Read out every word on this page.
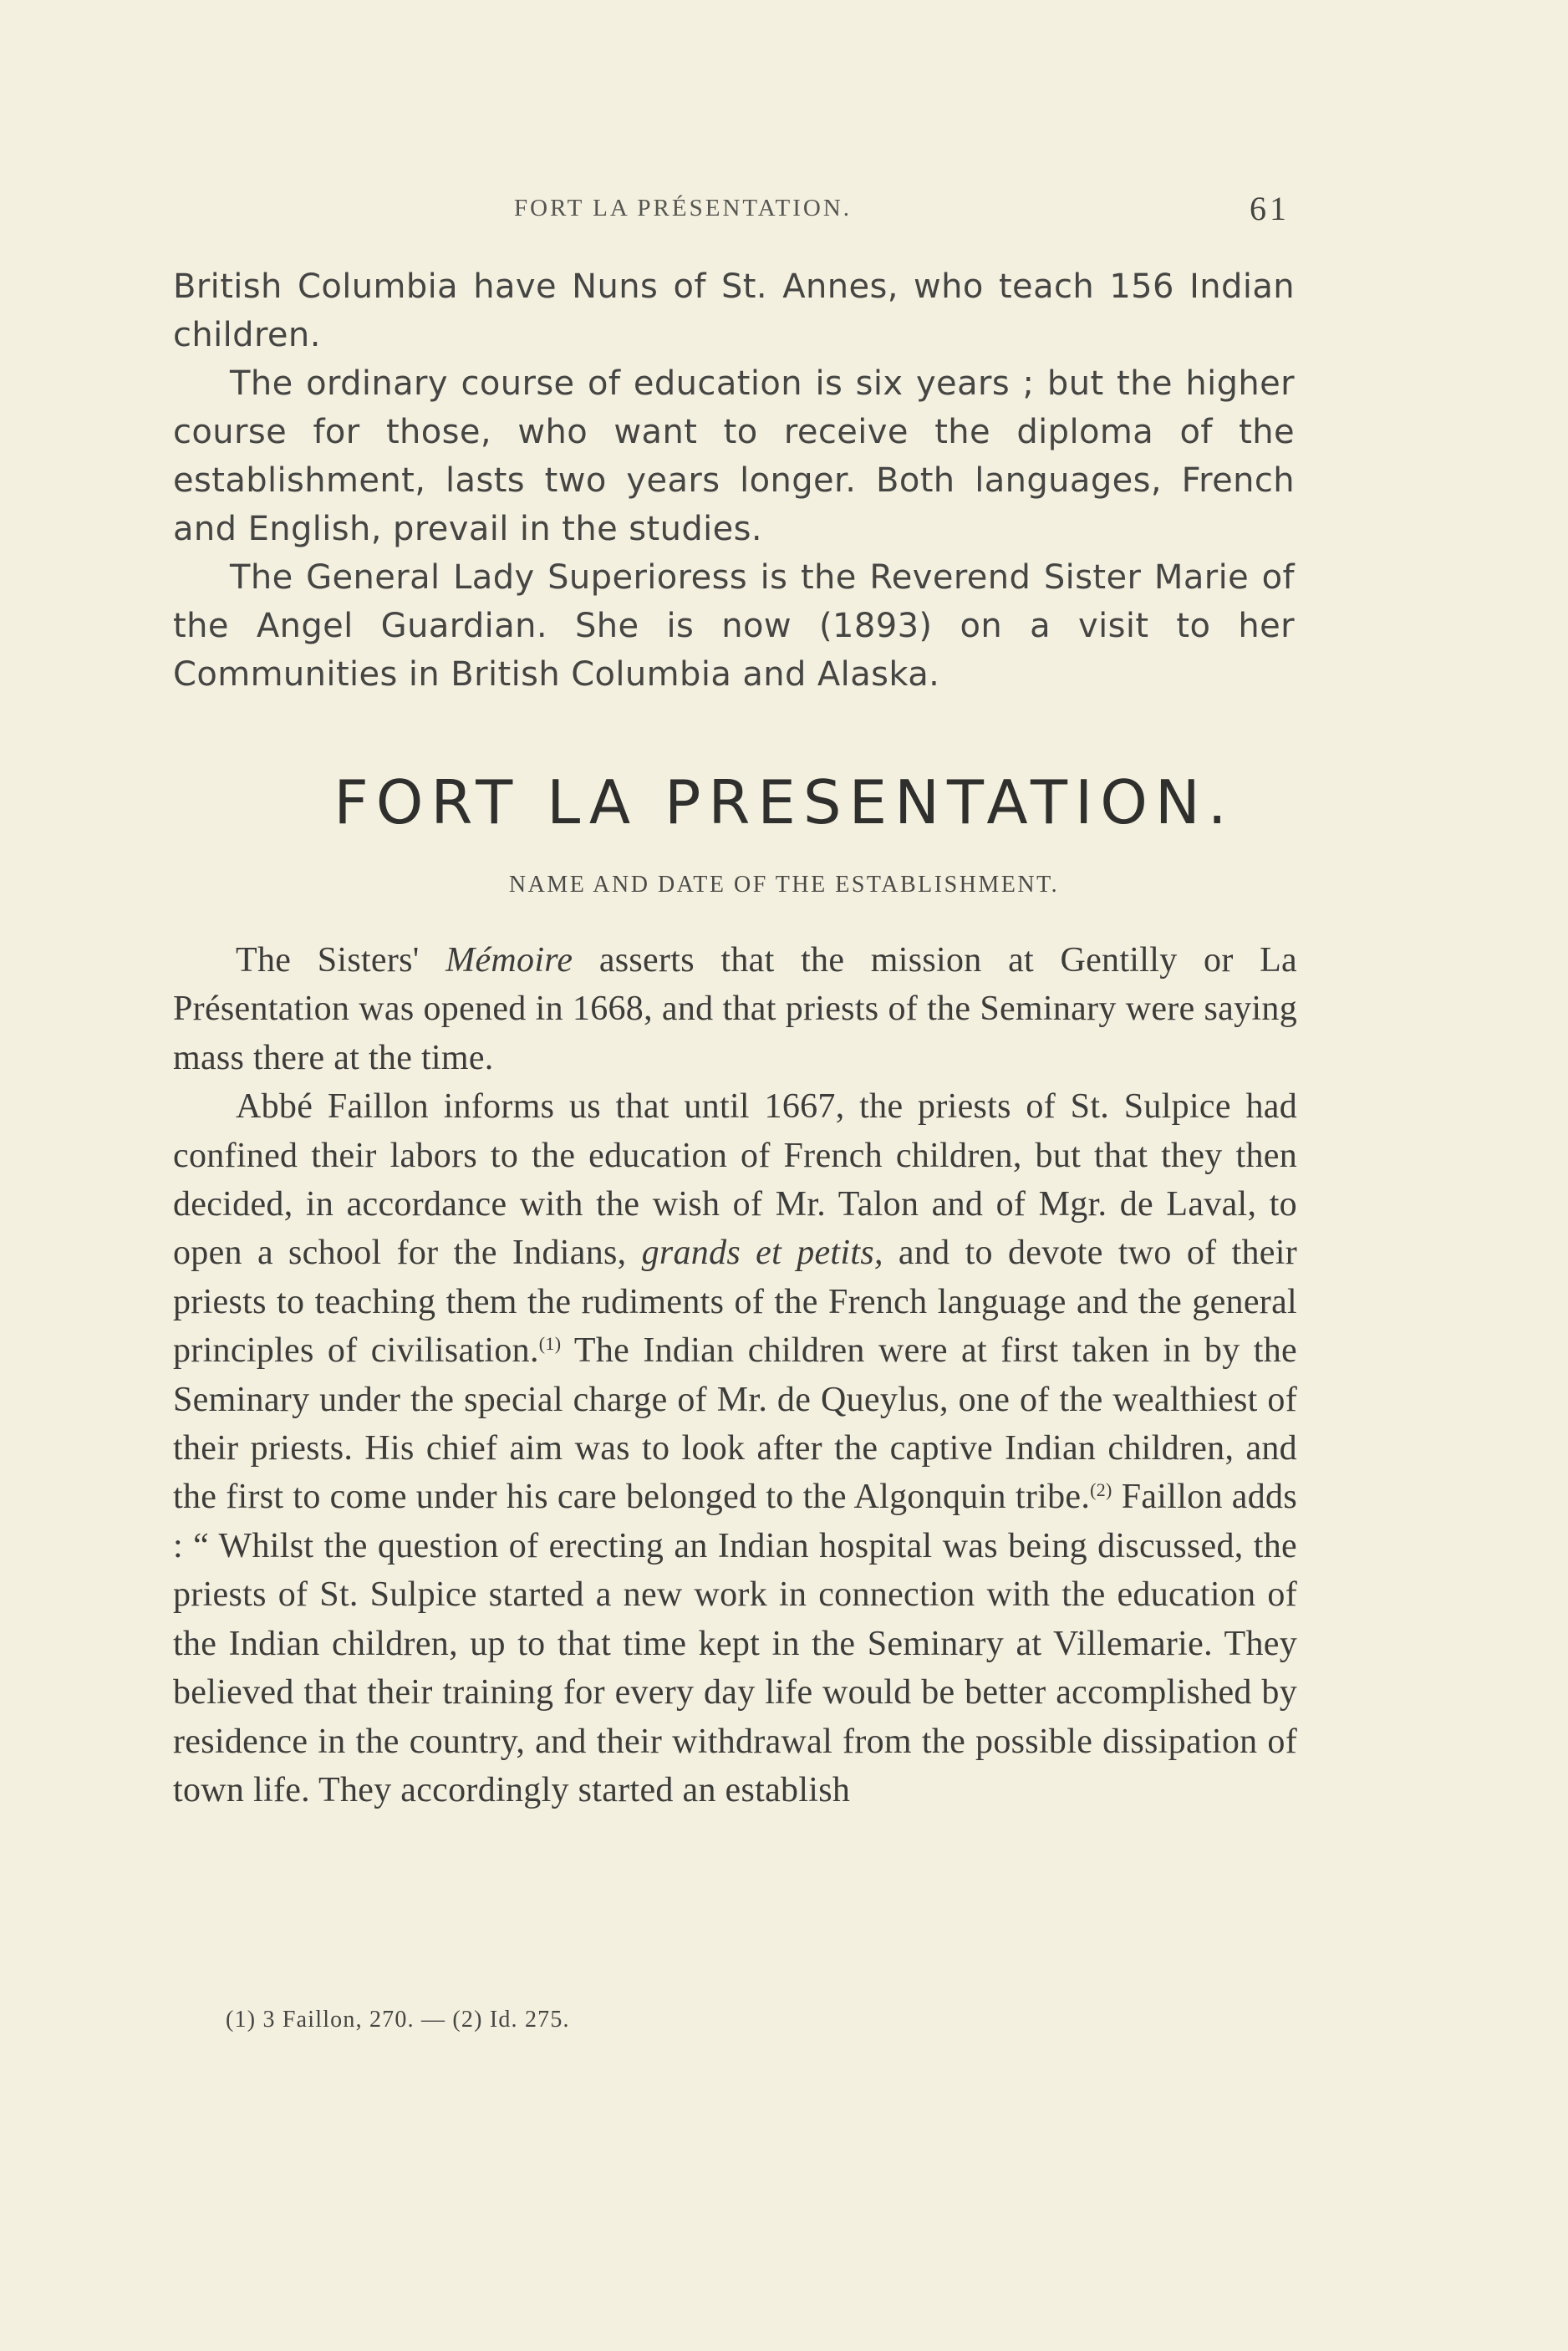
FORT LA PRÉSENTATION.	61

British Columbia have Nuns of St. Annes, who teach 156 Indian children.

The ordinary course of education is six years ; but the higher course for those, who want to receive the diploma of the establishment, lasts two years longer. Both languages, French and English, prevail in the studies.

The General Lady Superioress is the Reverend Sister Marie of the Angel Guardian. She is now (1893) on a visit to her Communities in British Columbia and Alaska.

FORT LA PRESENTATION.
NAME AND DATE OF THE ESTABLISHMENT.

The Sisters' Mémoire asserts that the mission at Gentilly or La Présentation was opened in 1668, and that priests of the Seminary were saying mass there at the time.

Abbé Faillon informs us that until 1667, the priests of St. Sulpice had confined their labors to the education of French children, but that they then decided, in accordance with the wish of Mr. Talon and of Mgr. de Laval, to open a school for the Indians, grands et petits, and to devote two of their priests to teaching them the rudiments of the French language and the general principles of civilisation.$^{(1)}$ The Indian children were at first taken in by the Seminary under the special charge of Mr. de Queylus, one of the wealthiest of their priests. His chief aim was to look after the captive Indian children, and the first to come under his care belonged to the Algonquin tribe.$^{(2)}$ Faillon adds : “ Whilst the question of erecting an Indian hospital was being discussed, the priests of St. Sulpice started a new work in connection with the education of the Indian children, up to that time kept in the Seminary at Villemarie. They believed that their training for every day life would be better accomplished by residence in the country, and their withdrawal from the possible dissipation of town life. They accordingly started an establish

(1) 3 Faillon, 270. — (2) Id. 275.
